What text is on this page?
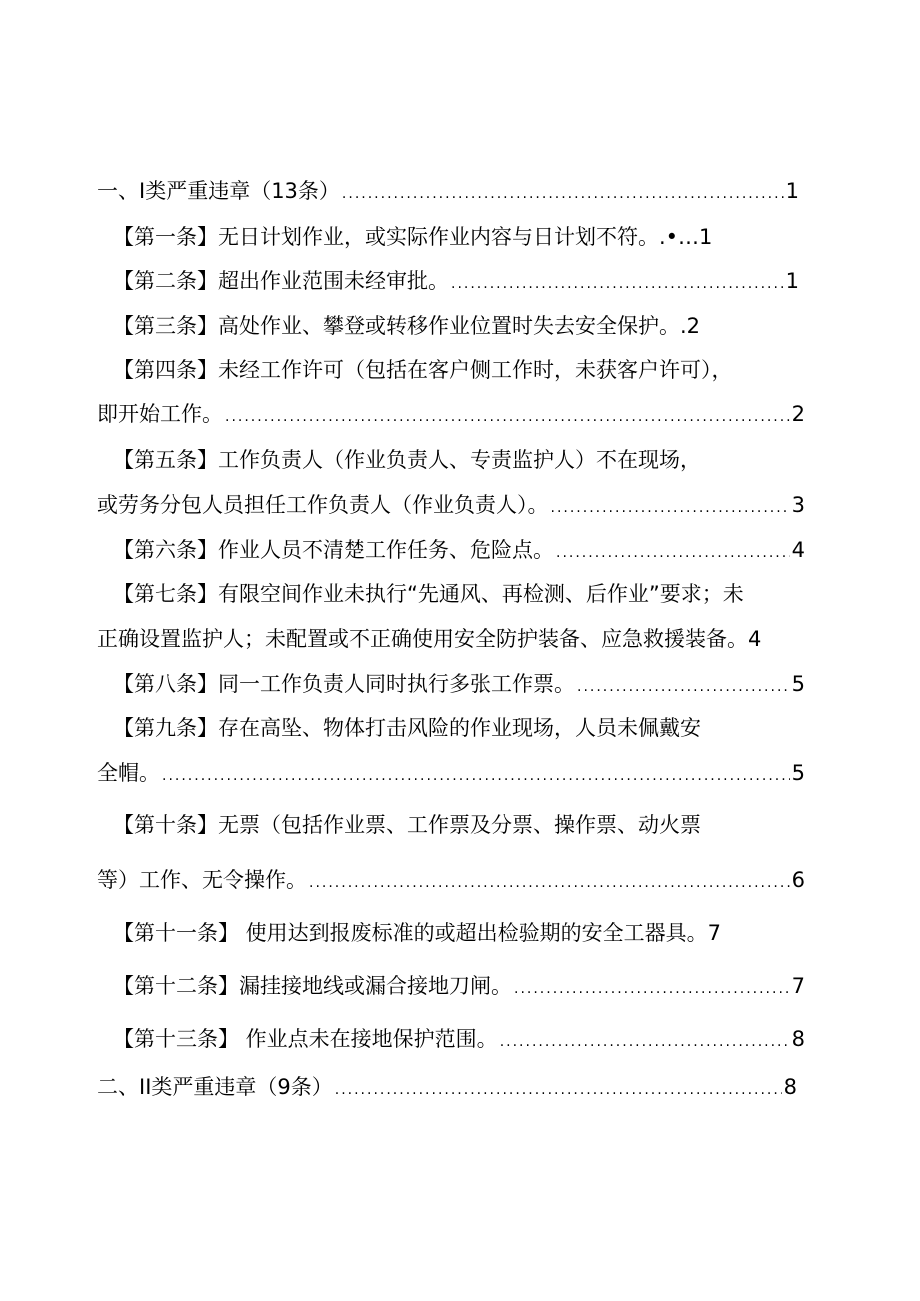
一、I类严重违章（13条） .....	1
【第一条】无日计划作业，或实际作业内容与日计划不符。.•…1
【第二条】超出作业范围未经审批。 .....	1
【第三条】高处作业、攀登或转移作业位置时失去安全保护。.2
【第四条】未经工作许可（包括在客户侧工作时，未获客户许可），
即开始工作。 .....	2
【第五条】工作负责人（作业负责人、专责监护人）不在现场，
或劳务分包人员担任工作负责人（作业负责人）。 .....	3
【第六条】作业人员不清楚工作任务、危险点。 .....	4
【第七条】有限空间作业未执行“先通风、再检测、后作业”要求；未
正确设置监护人；未配置或不正确使用安全防护装备、应急救援装备。4
【第八条】同一工作负责人同时执行多张工作票。 .....	5
【第九条】存在高坠、物体打击风险的作业现场，人员未佩戴安
全帽。 .....	5
【第十条】无票（包括作业票、工作票及分票、操作票、动火票
等）工作、无令操作。 .....	6
【第十一条】 使用达到报废标准的或超出检验期的安全工器具。7
【第十二条】漏挂接地线或漏合接地刀闸。 .....	7
【第十三条】 作业点未在接地保护范围。 .....	8
二、II类严重违章（9条） .....	8
